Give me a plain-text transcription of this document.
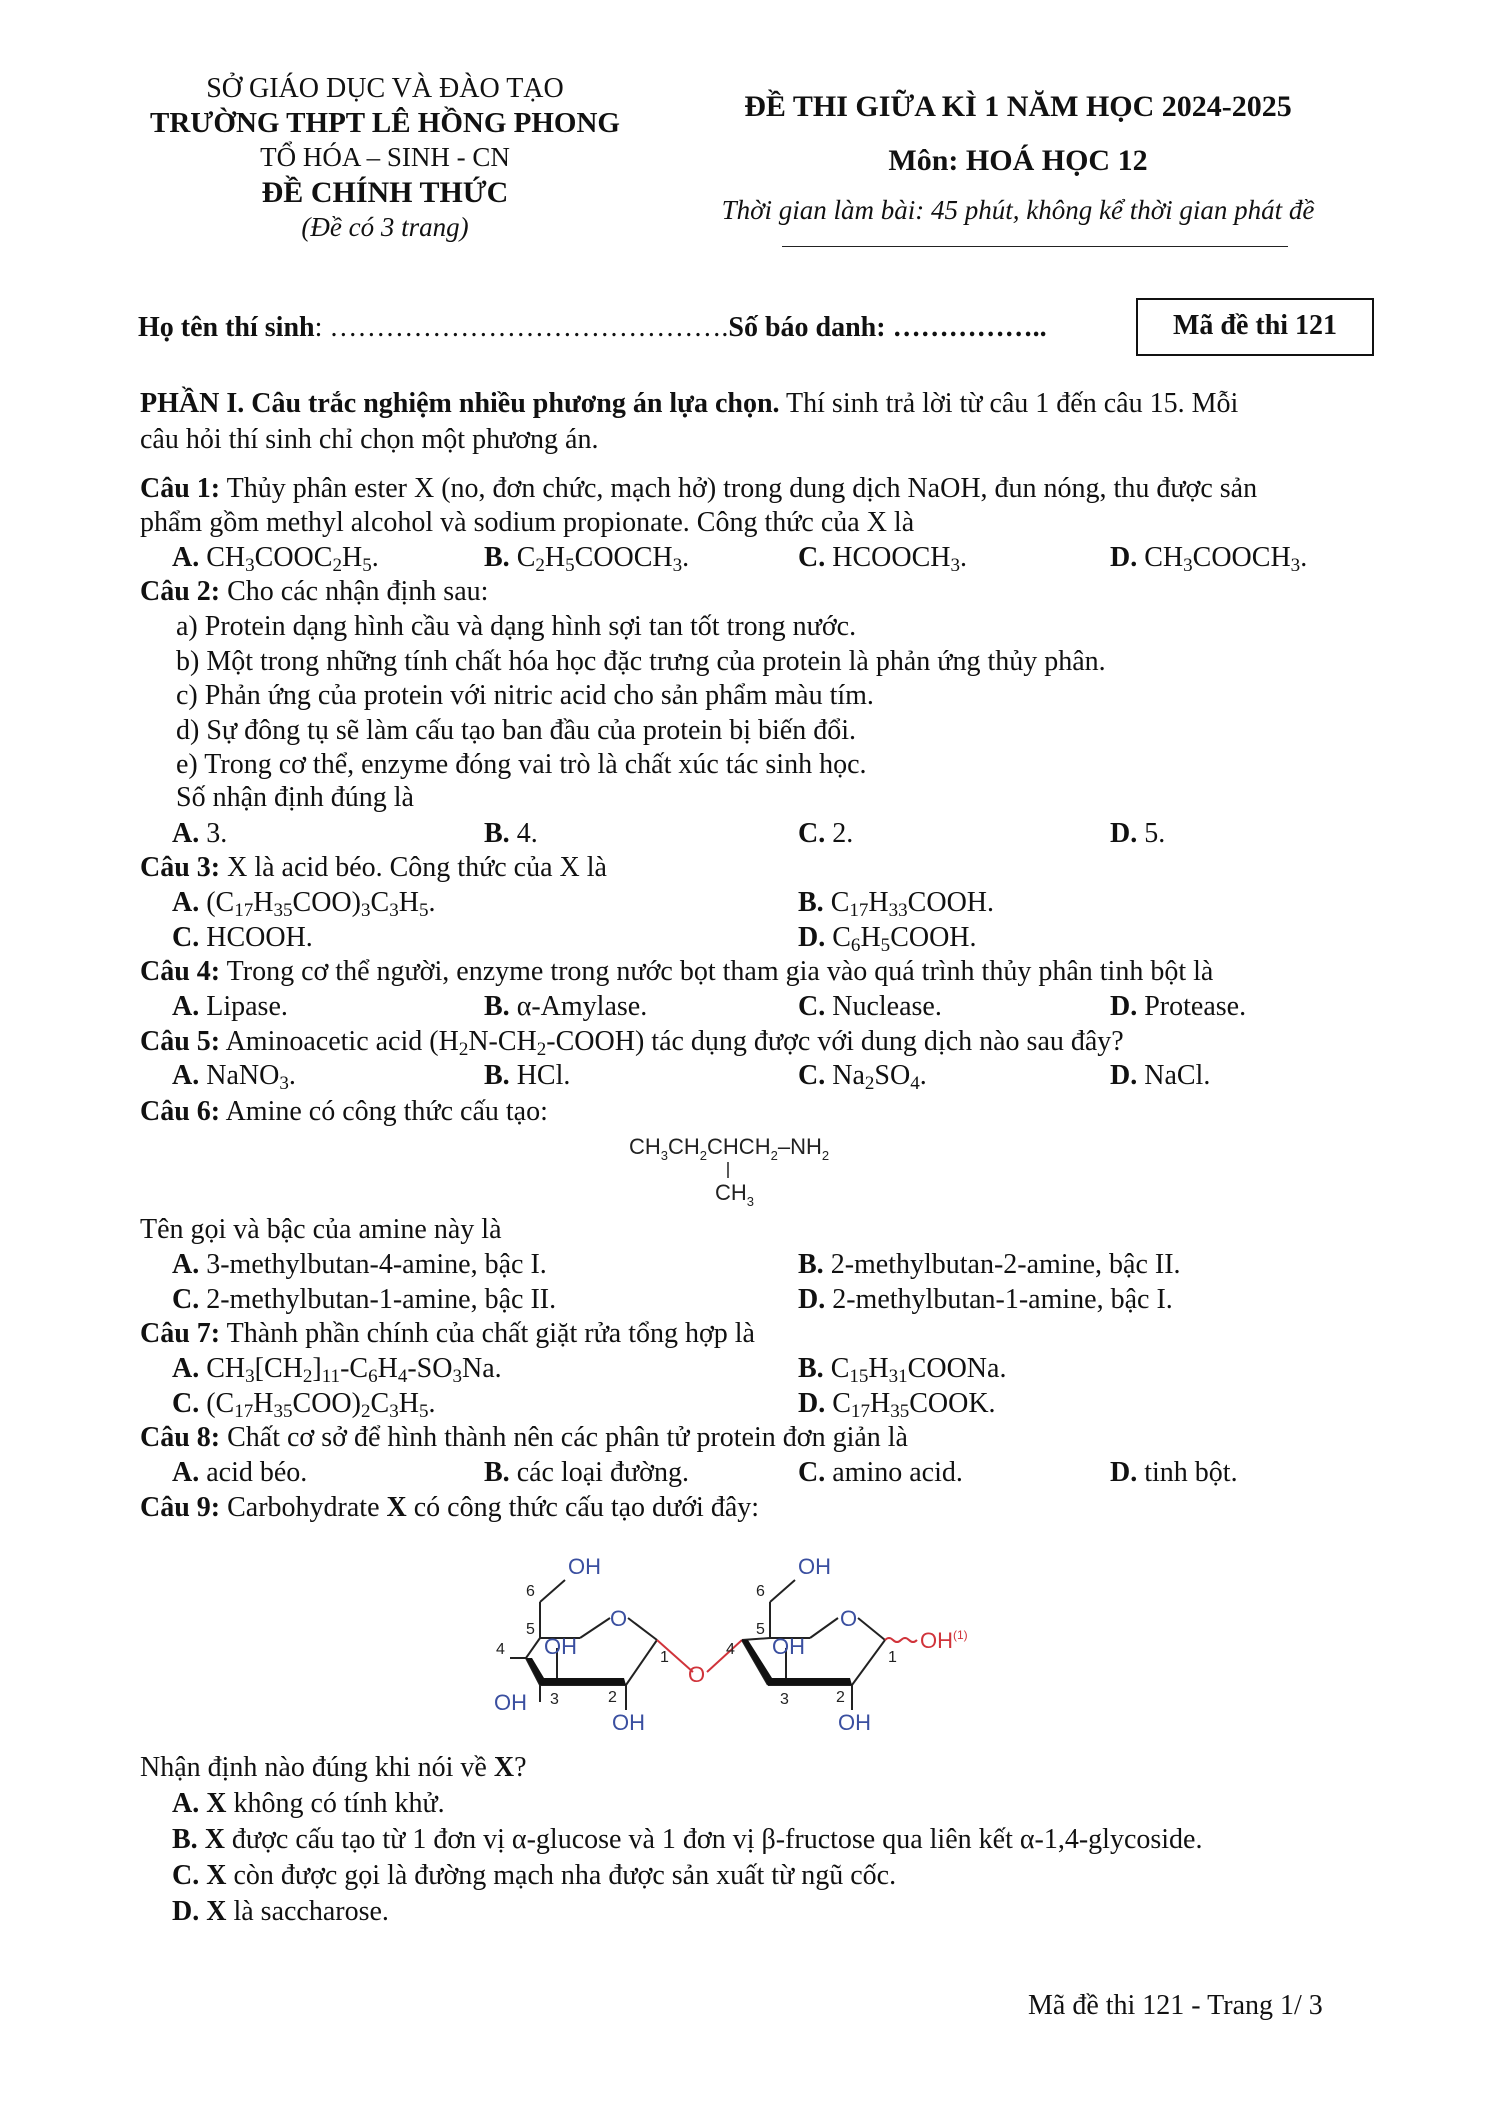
SỞ GIÁO DỤC VÀ ĐÀO TẠO
TRƯỜNG THPT LÊ HỒNG PHONG
TỔ HÓA – SINH - CN
ĐỀ CHÍNH THỨC
(Đề có 3 trang)
ĐỀ THI GIỮA KÌ 1 NĂM HỌC 2024-2025
Môn: HOÁ HỌC 12
Thời gian làm bài: 45 phút, không kể thời gian phát đề
Họ tên thí sinh: …………………………………….Số báo danh: ……………..	Mã đề thi 121
PHẦN I. Câu trắc nghiệm nhiều phương án lựa chọn. Thí sinh trả lời từ câu 1 đến câu 15. Mỗi
câu hỏi thí sinh chỉ chọn một phương án.
Câu 1: Thủy phân ester X (no, đơn chức, mạch hở) trong dung dịch NaOH, đun nóng, thu được sản
phẩm gồm methyl alcohol và sodium propionate. Công thức của X là
A. $CH_3COOC_2H_5$.	B. $C_2H_5COOCH_3$.	C. $HCOOCH_3$.	D. $CH_3COOCH_3$.
Câu 2: Cho các nhận định sau:
a) Protein dạng hình cầu và dạng hình sợi tan tốt trong nước.
b) Một trong những tính chất hóa học đặc trưng của protein là phản ứng thủy phân.
c) Phản ứng của protein với nitric acid cho sản phẩm màu tím.
d) Sự đông tụ sẽ làm cấu tạo ban đầu của protein bị biến đổi.
e) Trong cơ thể, enzyme đóng vai trò là chất xúc tác sinh học.
Số nhận định đúng là
A. 3.	B. 4.	C. 2.	D. 5.
Câu 3: X là acid béo. Công thức của X là
A. $(C_{17}H_{35}COO)_3C_3H_5$.	B. $C_{17}H_{33}COOH$.
C. HCOOH.	D. $C_6H_5COOH$.
Câu 4: Trong cơ thể người, enzyme trong nước bọt tham gia vào quá trình thủy phân tinh bột là
A. Lipase.	B. α-Amylase.	C. Nuclease.	D. Protease.
Câu 5: Aminoacetic acid $(H_2N-CH_2-COOH)$ tác dụng được với dung dịch nào sau đây?
A. NaNO$_3$.	B. HCl.	C. $Na_2SO_4$.	D. NaCl.
Câu 6: Amine có công thức cấu tạo:
$CH_3CH_2CHCH_2-NH_2$
$CH_3$
Tên gọi và bậc của amine này là
A. 3-methylbutan-4-amine, bậc I.	B. 2-methylbutan-2-amine, bậc II.
C. 2-methylbutan-1-amine, bậc II.	D. 2-methylbutan-1-amine, bậc I.
Câu 7: Thành phần chính của chất giặt rửa tổng hợp là
A. $CH_3[CH_2]_{11}-C_6H_4-SO_3Na$.	B. $C_{15}H_{31}COONa$.
C. $(C_{17}H_{35}COO)_2C_3H_5$.	D. $C_{17}H_{35}COOK$.
Câu 8: Chất cơ sở để hình thành nên các phân tử protein đơn giản là
A. acid béo.	B. các loại đường.	C. amino acid.	D. tinh bột.
Câu 9: Carbohydrate X có công thức cấu tạo dưới đây:
OH
O
OH
OH
OH
OH
O
OH
OH
O
OH$^{(1)}$
6
5
4
3	2
1
6
5
4
3	2
1
Nhận định nào đúng khi nói về X?
A. X không có tính khử.
B. X được cấu tạo từ 1 đơn vị α-glucose và 1 đơn vị β-fructose qua liên kết α-1,4-glycoside.
C. X còn được gọi là đường mạch nha được sản xuất từ ngũ cốc.
D. X là saccharose.
Mã đề thi 121 - Trang 1/ 3
